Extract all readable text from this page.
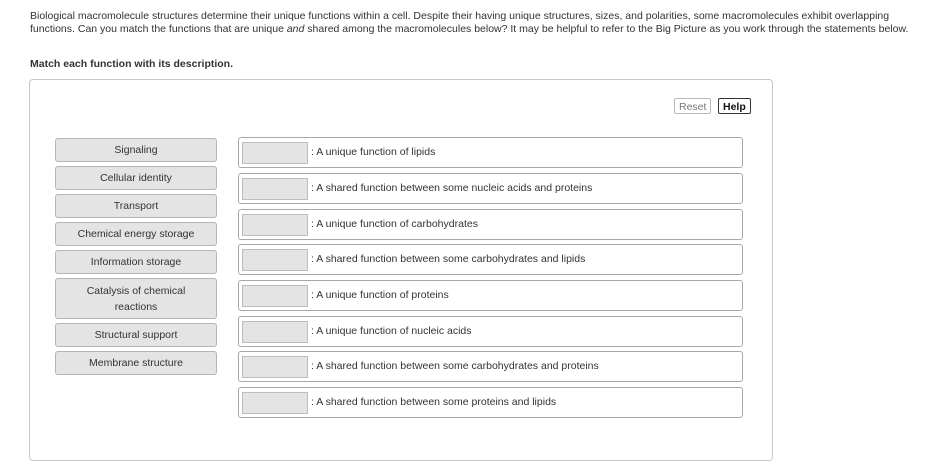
Biological macromolecule structures determine their unique functions within a cell. Despite their having unique structures, sizes, and polarities, some macromolecules exhibit overlapping functions. Can you match the functions that are unique and shared among the macromolecules below? It may be helpful to refer to the Big Picture as you work through the statements below.
Match each function with its description.
Reset	Help
Signaling
Cellular identity
Transport
Chemical energy storage
Information storage
Catalysis of chemical reactions
Structural support
Membrane structure
: A unique function of lipids
: A shared function between some nucleic acids and proteins
: A unique function of carbohydrates
: A shared function between some carbohydrates and lipids
: A unique function of proteins
: A unique function of nucleic acids
: A shared function between some carbohydrates and proteins
: A shared function between some proteins and lipids
